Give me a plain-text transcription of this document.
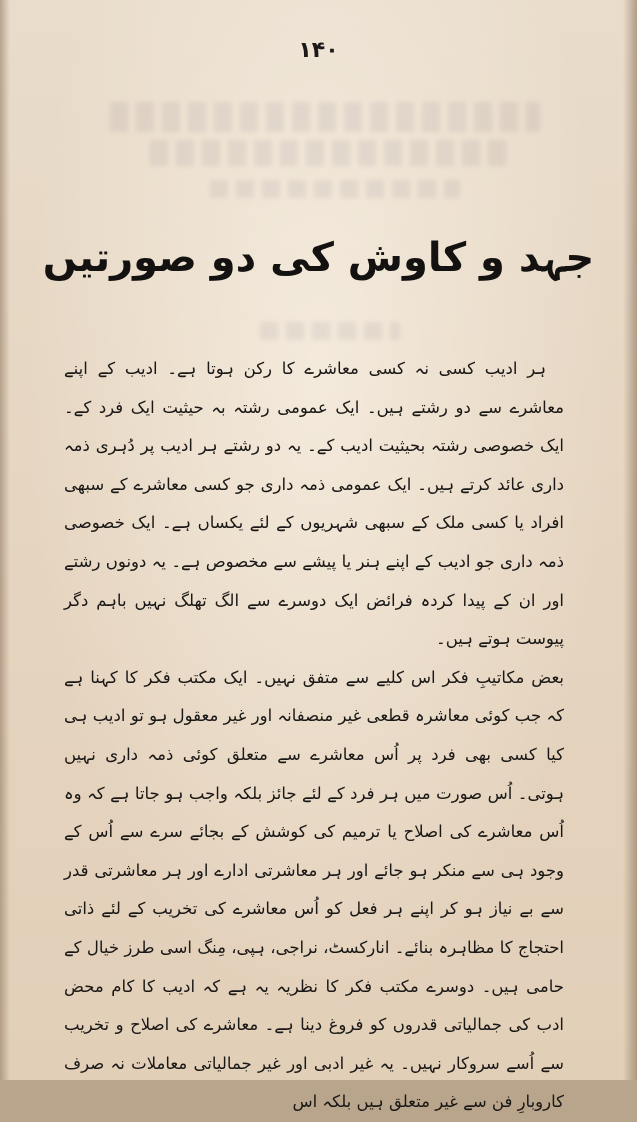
۱۴۰
جہد و کاوش کی دو صورتیں

ہر ادیب کسی نہ کسی معاشرے کا رکن ہوتا ہے۔ ادیب کے اپنے معاشرے سے دو رشتے ہیں۔ ایک عمومی رشتہ بہ حیثیت ایک فرد کے۔ ایک خصوصی رشتہ بحیثیت ادیب کے۔ یہ دو رشتے ہر ادیب پر دُہری ذمہ داری عائد کرتے ہیں۔ ایک عمومی ذمہ داری جو کسی معاشرے کے سبھی افراد یا کسی ملک کے سبھی شہریوں کے لئے یکساں ہے۔ ایک خصوصی ذمہ داری جو ادیب کے اپنے ہنر یا پیشے سے مخصوص ہے۔ یہ دونوں رشتے اور ان کے پیدا کردہ فرائض ایک دوسرے سے الگ تھلگ نہیں باہم دگر پیوست ہوتے ہیں۔

بعض مکاتیبِ فکر اس کلیے سے متفق نہیں۔ ایک مکتب فکر کا کہنا ہے کہ جب کوئی معاشرہ قطعی غیر منصفانہ اور غیر معقول ہو تو ادیب ہی کیا کسی بھی فرد پر اُس معاشرے سے متعلق کوئی ذمہ داری نہیں ہوتی۔ اُس صورت میں ہر فرد کے لئے جائز بلکہ واجب ہو جاتا ہے کہ وہ اُس معاشرے کی اصلاح یا ترمیم کی کوشش کے بجائے سرے سے اُس کے وجود ہی سے منکر ہو جائے اور ہر معاشرتی ادارے اور ہر معاشرتی قدر سے بے نیاز ہو کر اپنے ہر فعل کو اُس معاشرے کی تخریب کے لئے ذاتی احتجاج کا مظاہرہ بنائے۔ انارکسٹ، نراجی، ہپی، مِنگ اسی طرز خیال کے حامی ہیں۔ دوسرے مکتب فکر کا نظریہ یہ ہے کہ ادیب کا کام محض ادب کی جمالیاتی قدروں کو فروغ دینا ہے۔ معاشرے کی اصلاح و تخریب سے اُسے سروکار نہیں۔ یہ غیر ادبی اور غیر جمالیاتی معاملات نہ صرف کاروبارِ فن سے غیر متعلق ہیں بلکہ اس
